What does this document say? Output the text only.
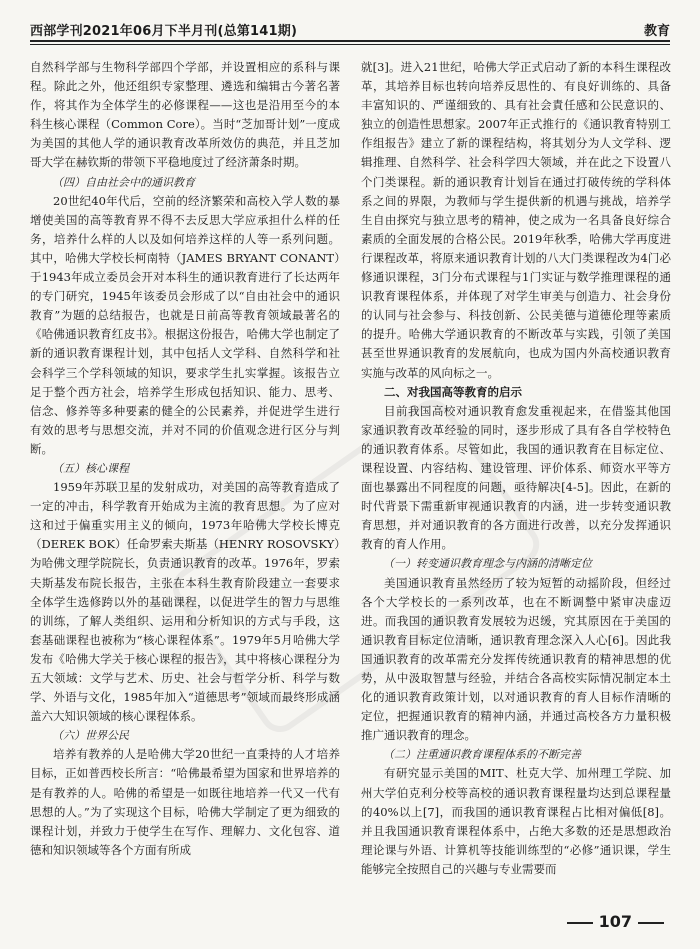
西部学刊2021年06月下半月刊(总第141期)	教育

自然科学部与生物科学部四个学部，并设置相应的系科与课程。除此之外，他还组织专家整理、遴选和编辑古今著名著作，将其作为全体学生的必修课程——这也是沿用至今的本科生核心课程（Common Core）。当时“芝加哥计划”一度成为美国的其他人学的通识教育改革所效仿的典范，并且芝加哥大学在赫钦斯的带领下平稳地度过了经济萧条时期。

（四）自由社会中的通识教育

20世纪40年代后，空前的经济繁荣和高校入学人数的暴增使美国的高等教育界不得不去反思大学应承担什么样的任务，培养什么样的人以及如何培养这样的人等一系列问题。其中，哈佛大学校长柯南特（JAMES BRYANT CONANT）于1943年成立委员会开对本科生的通识教育进行了长达两年的专门研究，1945年该委员会形成了以“自由社会中的通识教育”为题的总结报告，也就是日前高等教育领域最著名的《哈佛通识教育红皮书》。根据这份报告，哈佛大学也制定了新的通识教育课程计划，其中包括人文学科、自然科学和社会科学三个学科领域的知识，要求学生扎实掌握。该报告立足于整个西方社会，培养学生形成包括知识、能力、思考、信念、修养等多种要素的健全的公民素养，并促进学生进行有效的思考与思想交流，并对不同的价值观念进行区分与判断。

（五）核心课程

1959年苏联卫星的发射成功，对美国的高等教育造成了一定的冲击，科学教育开始成为主流的教育思想。为了应对这和过于偏重实用主义的倾向，1973年哈佛大学校长博克（DEREK BOK）任命罗索夫斯基（HENRY ROSOVSKY）为哈佛文理学院院长，负责通识教育的改革。1976年，罗索夫斯基发布院长报告，主张在本科生教育阶段建立一套要求全体学生选修跨以外的基础课程，以促进学生的智力与思维的训练，了解人类组织、运用和分析知识的方式与手段，这套基础课程也被称为“核心课程体系”。1979年5月哈佛大学发布《哈佛大学关于核心课程的报告》，其中将核心课程分为五大领域：文学与艺术、历史、社会与哲学分析、科学与数学、外语与文化，1985年加入“道德思考”领域而最终形成涵盖六大知识领域的核心课程体系。

（六）世界公民

培养有教养的人是哈佛大学20世纪一直秉持的人才培养目标，正如普西校长所言：“哈佛最希望为国家和世界培养的是有教养的人。哈佛的希望是一如既往地培养一代又一代有思想的人。”为了实现这个目标，哈佛大学制定了更为细致的课程计划，并致力于使学生在写作、理解力、文化包容、道德和知识领域等各个方面有所成

就[3]。进入21世纪，哈佛大学正式启动了新的本科生课程改革，其培养目标也转向培养反思性的、有良好训练的、具备丰富知识的、严谨细致的、具有社会責任感和公民意识的、独立的创造性思想家。2007年正式推行的《通识教育特别工作组报告》建立了新的课程结构，将其划分为人文学科、逻辑推理、自然科学、社会科学四大领域，并在此之下设置八个门类课程。新的通识教育计划旨在通过打破传统的学科体系之间的界限，为教师与学生提供新的机遇与挑战，培养学生自由探究与独立思考的精神，使之成为一名具备良好综合素质的全面发展的合格公民。2019年秋季，哈佛大学再度进行课程改革，将原来通识教育计划的八大门类课程改为4门必修通识课程，3门分布式课程与1门实证与数学推理课程的通识教育课程体系，并体现了对学生审美与创造力、社会身份的认同与社会参与、科技创新、公民美德与道德伦理等素质的提升。哈佛大学通识教育的不断改革与实践，引领了美国甚至世界通识教育的发展航向，也成为国内外高校通识教育实施与改革的风向标之一。

二、对我国高等教育的启示

目前我国高校对通识教育愈发重视起来，在借鉴其他国家通识教育改革经验的同时，逐步形成了具有各自学校特色的通识教育体系。尽管如此，我国的通识教育在目标定位、课程设置、内容结构、建设管理、评价体系、师资水平等方面也暴露出不同程度的问题，亟待解决[4-5]。因此，在新的时代背景下需重新审视通识教育的内涵，进一步转变通识教育思想，并对通识教育的各方面进行改善，以充分发挥通识教育的育人作用。

（一）转变通识教育理念与内涵的清晰定位

美国通识教育虽然经历了较为短暂的动摇阶段，但经过各个大学校长的一系列改革，也在不断调整中紧审决虚迈进。而我国的通识教育发展较为迟缓，究其原因在于美国的通识教育目标定位清晰，通识教育理念深入人心[6]。因此我国通识教育的改革需充分发挥传统通识教育的精神思想的优势，从中汲取智慧与经验，并结合各高校实际情况制定本土化的通识教育政策计划，以对通识教育的育人目标作清晰的定位，把握通识教育的精神内涵，并通过高校各方力量积极推广通识教育的理念。

（二）注重通识教育课程体系的不断完善

有研究显示美国的MIT、杜克大学、加州理工学院、加州大学伯克利分校等高校的通识教育课程量均达到总课程量的40%以上[7]，而我国的通识教育课程占比相对偏低[8]。并且我国通识教育课程体系中，占绝大多数的还是思想政治理论课与外语、计算机等技能训练型的“必修”通识课，学生能够完全按照自己的兴趣与专业需要而

107
